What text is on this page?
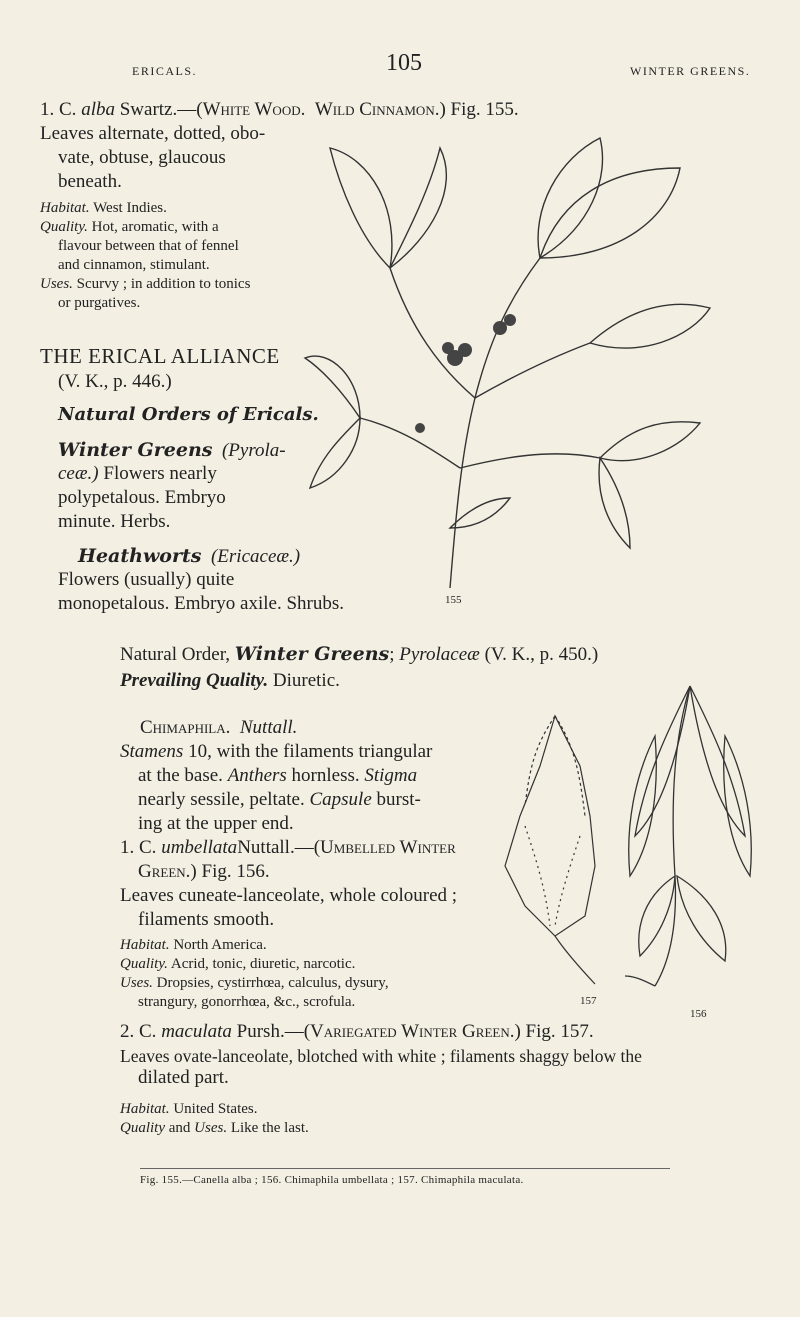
ERICALS.	105	WINTER GREENS.
1. C. alba Swartz.—(White Wood. Wild Cinnamon.) Fig. 155.
Leaves alternate, dotted, obo-
vate, obtuse, glaucous
beneath.
Habitat. West Indies.
Quality. Hot, aromatic, with a
flavour between that of fennel
and cinnamon, stimulant.
Uses. Scurvy ; in addition to tonics
or purgatives.
THE ERICAL ALLIANCE
(V. K., p. 446.)
Natural Orders of Ericals.
Winter Greens (Pyrola-
ceæ.) Flowers nearly
polypetalous. Embryo
minute. Herbs.
Heathworts (Ericaceæ.)
Flowers (usually) quite
monopetalous. Embryo axile. Shrubs.	155
Natural Order, Winter Greens; Pyrolaceæ (V. K., p. 450.)
Prevailing Quality. Diuretic.
Chimaphila. Nuttall.
Stamens 10, with the filaments triangular
at the base. Anthers hornless. Stigma
nearly sessile, peltate. Capsule burst-
ing at the upper end.
1. C. umbellataNuttall.—(Umbelled Winter
Green.) Fig. 156.
Leaves cuneate-lanceolate, whole coloured ;
filaments smooth.
Habitat. North America.
Quality. Acrid, tonic, diuretic, narcotic.
Uses. Dropsies, cystirrhœa, calculus, dysury,
strangury, gonorrhœa, &c., scrofula.
2. C. maculata Pursh.—(Variegated Winter Green.) Fig. 157.
Leaves ovate-lanceolate, blotched with white ; filaments shaggy below the
dilated part.
Habitat. United States.
Quality and Uses. Like the last.
157
156
Fig. 155.—Canella alba ; 156. Chimaphila umbellata ; 157. Chimaphila maculata.
